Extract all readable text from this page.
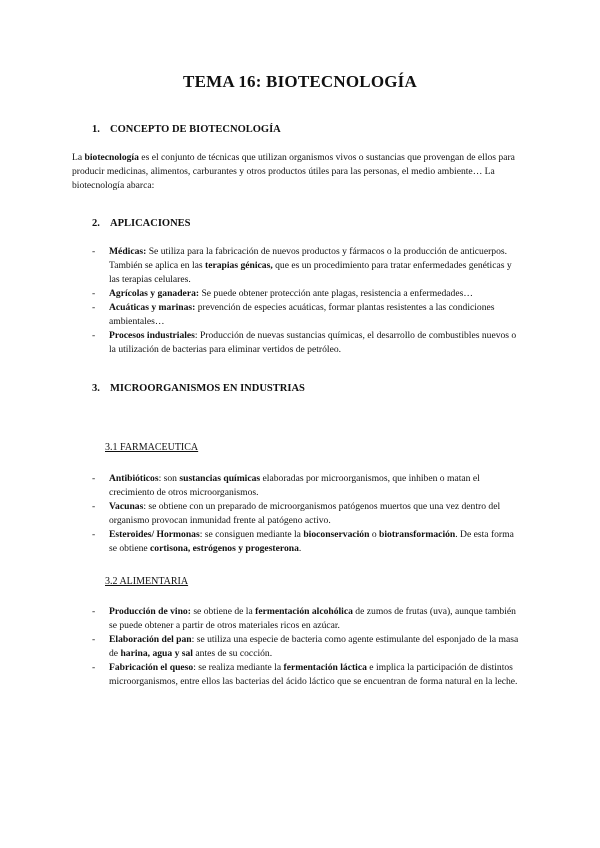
TEMA 16: BIOTECNOLOGÍA
1. CONCEPTO DE BIOTECNOLOGÍA
La biotecnología es el conjunto de técnicas que utilizan organismos vivos o sustancias que provengan de ellos para producir medicinas, alimentos, carburantes y otros productos útiles para las personas, el medio ambiente… La biotecnología abarca:
2. APLICACIONES
- Médicas: Se utiliza para la fabricación de nuevos productos y fármacos o la producción de anticuerpos. También se aplica en las terapias génicas, que es un procedimiento para tratar enfermedades genéticas y las terapias celulares.
- Agrícolas y ganadera: Se puede obtener protección ante plagas, resistencia a enfermedades…
- Acuáticas y marinas: prevención de especies acuáticas, formar plantas resistentes a las condiciones ambientales…
- Procesos industriales: Producción de nuevas sustancias químicas, el desarrollo de combustibles nuevos o la utilización de bacterias para eliminar vertidos de petróleo.
3. MICROORGANISMOS EN INDUSTRIAS
3.1 FARMACEUTICA
- Antibióticos: son sustancias químicas elaboradas por microorganismos, que inhiben o matan el crecimiento de otros microorganismos.
- Vacunas: se obtiene con un preparado de microorganismos patógenos muertos que una vez dentro del organismo provocan inmunidad frente al patógeno activo.
- Esteroides/ Hormonas: se consiguen mediante la bioconservación o biotransformación. De esta forma se obtiene cortisona, estrógenos y progesterona.
3.2 ALIMENTARIA
- Producción de vino: se obtiene de la fermentación alcohólica de zumos de frutas (uva), aunque también se puede obtener a partir de otros materiales ricos en azúcar.
- Elaboración del pan: se utiliza una especie de bacteria como agente estimulante del esponjado de la masa de harina, agua y sal antes de su cocción.
- Fabricación el queso: se realiza mediante la fermentación láctica e implica la participación de distintos microorganismos, entre ellos las bacterias del ácido láctico que se encuentran de forma natural en la leche.
